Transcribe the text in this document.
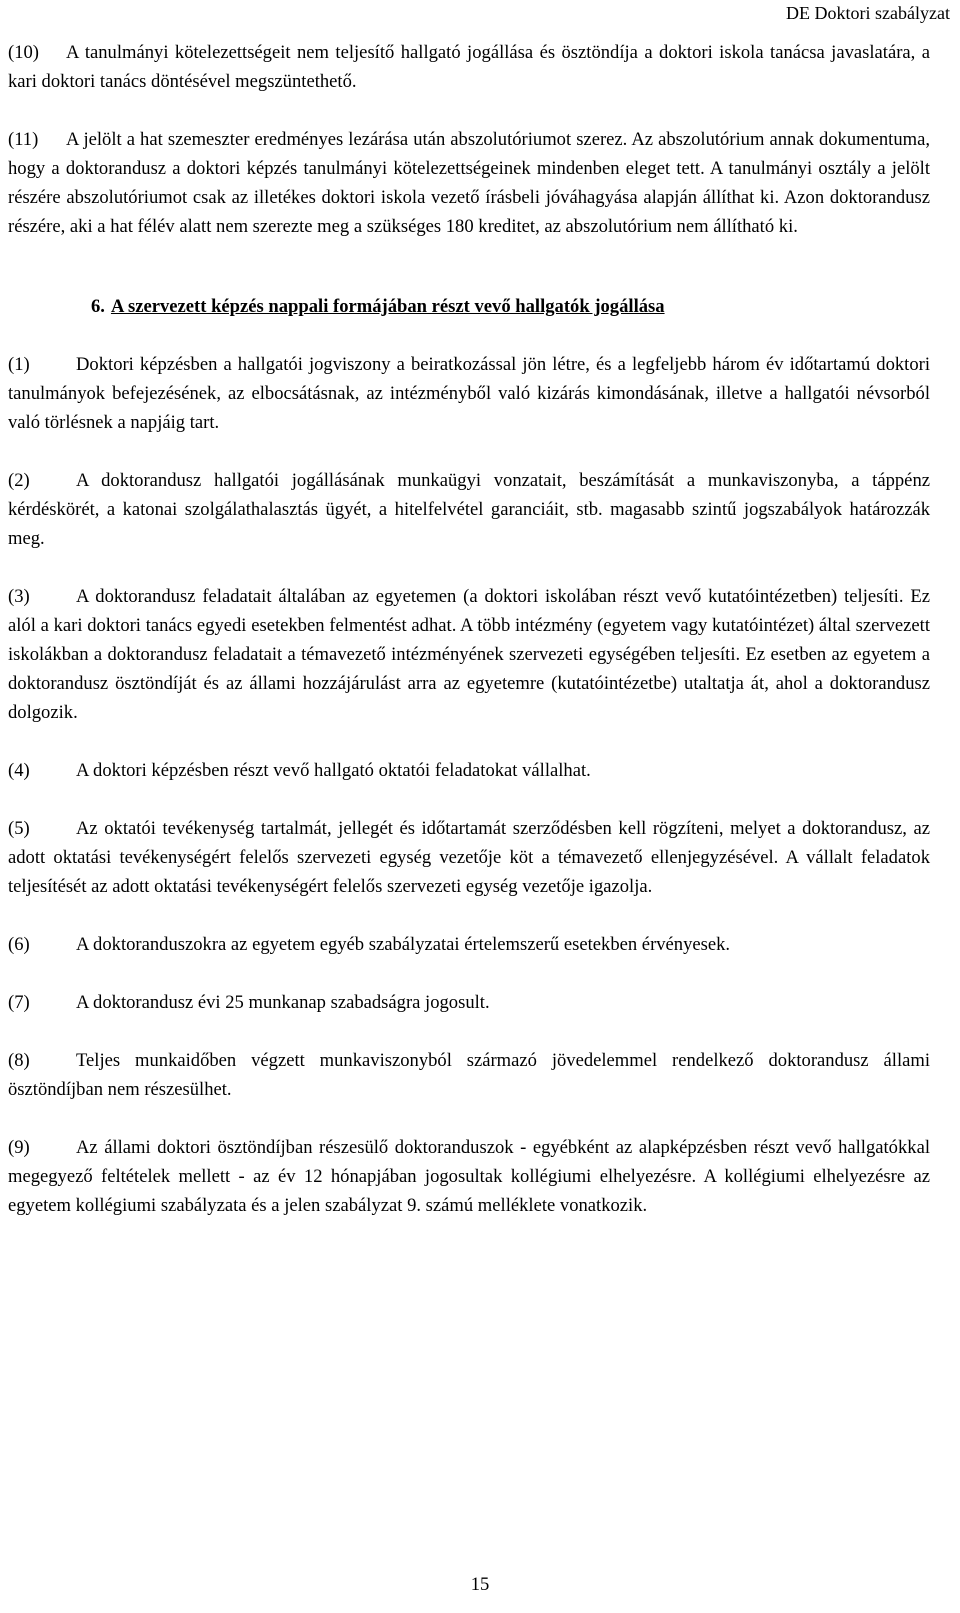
DE Doktori szabályzat

(10) A tanulmányi kötelezettségeit nem teljesítő hallgató jogállása és ösztöndíja a doktori iskola tanácsa javaslatára, a kari doktori tanács döntésével megszüntethető.

(11) A jelölt a hat szemeszter eredményes lezárása után abszolutóriumot szerez. Az abszolutórium annak dokumentuma, hogy a doktorandusz a doktori képzés tanulmányi kötelezettségeinek mindenben eleget tett. A tanulmányi osztály a jelölt részére abszolutóriumot csak az illetékes doktori iskola vezető írásbeli jóváhagyása alapján állíthat ki. Azon doktorandusz részére, aki a hat félév alatt nem szerezte meg a szükséges 180 kreditet, az abszolutórium nem állítható ki.

6. A szervezett képzés nappali formájában részt vevő hallgatók jogállása

(1) Doktori képzésben a hallgatói jogviszony a beiratkozással jön létre, és a legfeljebb három év időtartamú doktori tanulmányok befejezésének, az elbocsátásnak, az intézményből való kizárás kimondásának, illetve a hallgatói névsorból való törlésnek a napjáig tart.

(2) A doktorandusz hallgatói jogállásának munkaügyi vonzatait, beszámítását a munkaviszonyba, a táppénz kérdéskörét, a katonai szolgálathalasztás ügyét, a hitelfelvétel garanciáit, stb. magasabb szintű jogszabályok határozzák meg.

(3) A doktorandusz feladatait általában az egyetemen (a doktori iskolában részt vevő kutatóintézetben) teljesíti. Ez alól a kari doktori tanács egyedi esetekben felmentést adhat. A több intézmény (egyetem vagy kutatóintézet) által szervezett iskolákban a doktorandusz feladatait a témavezető intézményének szervezeti egységében teljesíti. Ez esetben az egyetem a doktorandusz ösztöndíját és az állami hozzájárulást arra az egyetemre (kutatóintézetbe) utaltatja át, ahol a doktorandusz dolgozik.

(4) A doktori képzésben részt vevő hallgató oktatói feladatokat vállalhat.

(5) Az oktatói tevékenység tartalmát, jellegét és időtartamát szerződésben kell rögzíteni, melyet a doktorandusz, az adott oktatási tevékenységért felelős szervezeti egység vezetője köt a témavezető ellenjegyzésével. A vállalt feladatok teljesítését az adott oktatási tevékenységért felelős szervezeti egység vezetője igazolja.

(6) A doktoranduszokra az egyetem egyéb szabályzatai értelemszerű esetekben érvényesek.

(7) A doktorandusz évi 25 munkanap szabadságra jogosult.

(8) Teljes munkaidőben végzett munkaviszonyból származó jövedelemmel rendelkező doktorandusz állami ösztöndíjban nem részesülhet.

(9) Az állami doktori ösztöndíjban részesülő doktoranduszok - egyébként az alapképzésben részt vevő hallgatókkal megegyező feltételek mellett - az év 12 hónapjában jogosultak kollégiumi elhelyezésre. A kollégiumi elhelyezésre az egyetem kollégiumi szabályzata és a jelen szabályzat 9. számú melléklete vonatkozik.

15
